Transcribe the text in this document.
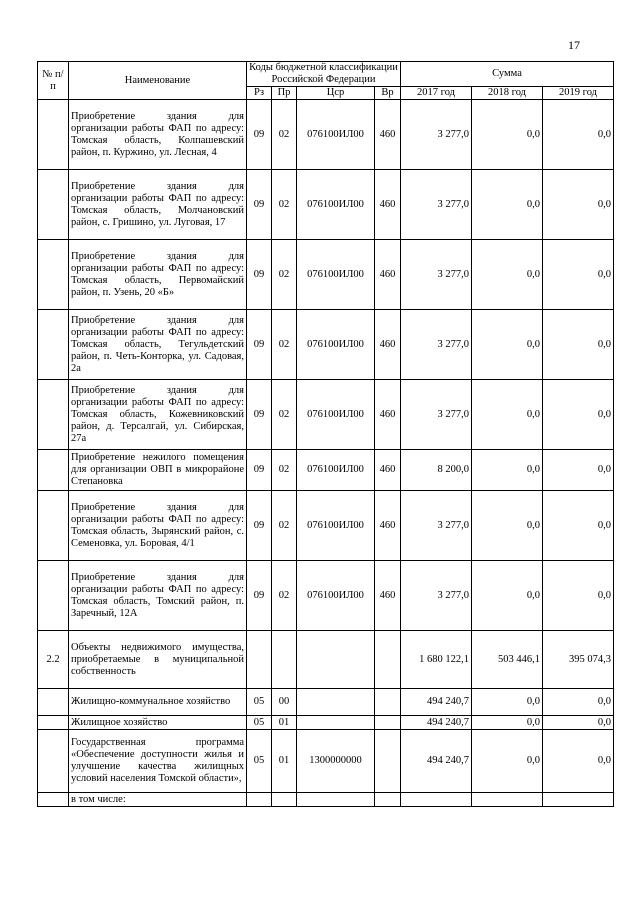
17
№ п/п	Наименование	Коды бюджетной классификации Российской Федерации				Сумма		
		Рз	Пр	Цср	Вр	2017 год	2018 год	2019 год
	Приобретение здания для организации работы ФАП по адресу: Томская область, Колпашевский район, п. Куржино, ул. Лесная, 4	09	02	076100ИЛ00	460	3 277,0	0,0	0,0
	Приобретение здания для организации работы ФАП по адресу: Томская область, Молчановский район, с. Гришино, ул. Луговая, 17	09	02	076100ИЛ00	460	3 277,0	0,0	0,0
	Приобретение здания для организации работы ФАП по адресу: Томская область, Первомайский район, п. Узень, 20 «Б»	09	02	076100ИЛ00	460	3 277,0	0,0	0,0
	Приобретение здания для организации работы ФАП по адресу: Томская область, Тегульдетский район, п. Четь-Конторка, ул. Садовая, 2а	09	02	076100ИЛ00	460	3 277,0	0,0	0,0
	Приобретение здания для организации работы ФАП по адресу: Томская область, Кожевниковский район, д. Терсалгай, ул. Сибирская, 27а	09	02	076100ИЛ00	460	3 277,0	0,0	0,0
	Приобретение нежилого помещения для организации ОВП в микрорайоне Степановка	09	02	076100ИЛ00	460	8 200,0	0,0	0,0
	Приобретение здания для организации работы ФАП по адресу: Томская область, Зырянский район, с. Семеновка, ул. Боровая, 4/1	09	02	076100ИЛ00	460	3 277,0	0,0	0,0
	Приобретение здания для организации работы ФАП по адресу: Томская область, Томский район, п. Заречный, 12А	09	02	076100ИЛ00	460	3 277,0	0,0	0,0
2.2	Объекты недвижимого имущества, приобретаемые в муниципальной собственность					1 680 122,1	503 446,1	395 074,3
	Жилищно-коммунальное хозяйство	05	00			494 240,7	0,0	0,0
	Жилищное хозяйство	05	01			494 240,7	0,0	0,0
	Государственная программа «Обеспечение доступности жилья и улучшение качества жилищных условий населения Томской области»,	05	01	1300000000		494 240,7	0,0	0,0
	в том числе:							
